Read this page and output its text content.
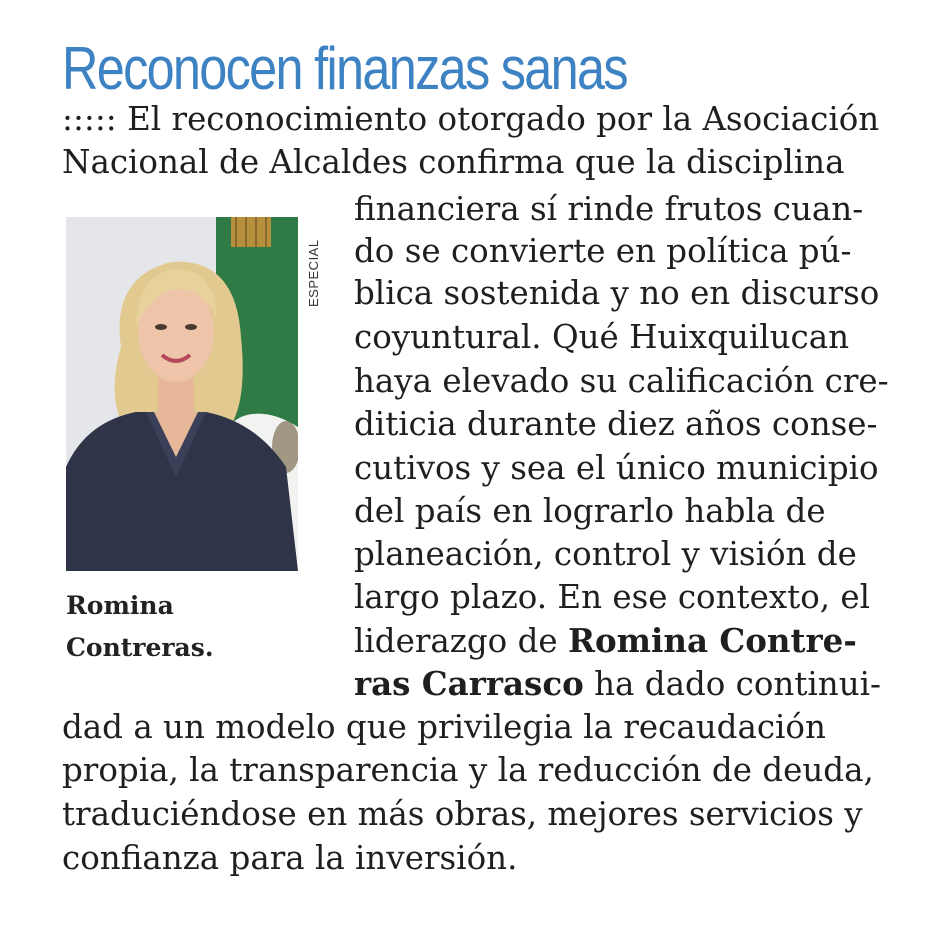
Reconocen finanzas sanas
::::: El reconocimiento otorgado por la Asociación
Nacional de Alcaldes confirma que la disciplina
financiera sí rinde frutos cuan-
do se convierte en política pú-
blica sostenida y no en discurso
coyuntural. Qué Huixquilucan
haya elevado su calificación cre-
diticia durante diez años conse-
cutivos y sea el único municipio
del país en lograrlo habla de
planeación, control y visión de
largo plazo. En ese contexto, el
liderazgo de Romina Contre-
ras Carrasco ha dado continui-
dad a un modelo que privilegia la recaudación
propia, la transparencia y la reducción de deuda,
traduciéndose en más obras, mejores servicios y
confianza para la inversión.
ESPECIAL
Romina
Contreras.
